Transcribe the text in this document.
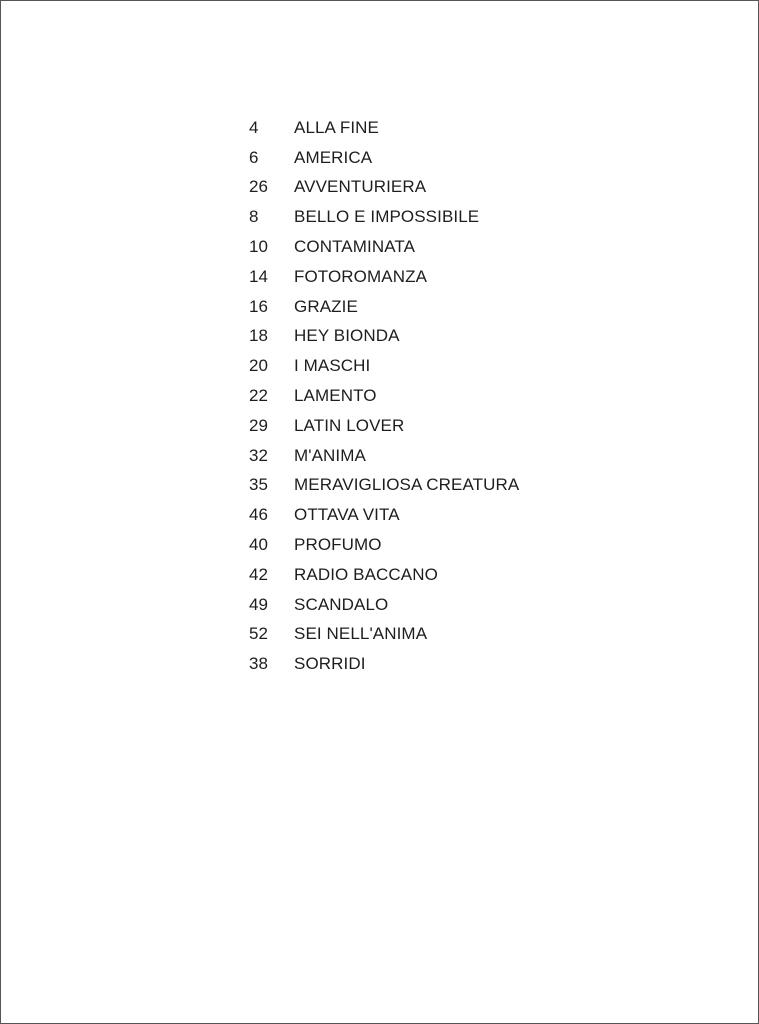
4	ALLA FINE
6	AMERICA
26	AVVENTURIERA
8	BELLO E IMPOSSIBILE
10	CONTAMINATA
14	FOTOROMANZA
16	GRAZIE
18	HEY BIONDA
20	I MASCHI
22	LAMENTO
29	LATIN LOVER
32	M'ANIMA
35	MERAVIGLIOSA CREATURA
46	OTTAVA VITA
40	PROFUMO
42	RADIO BACCANO
49	SCANDALO
52	SEI NELL'ANIMA
38	SORRIDI
